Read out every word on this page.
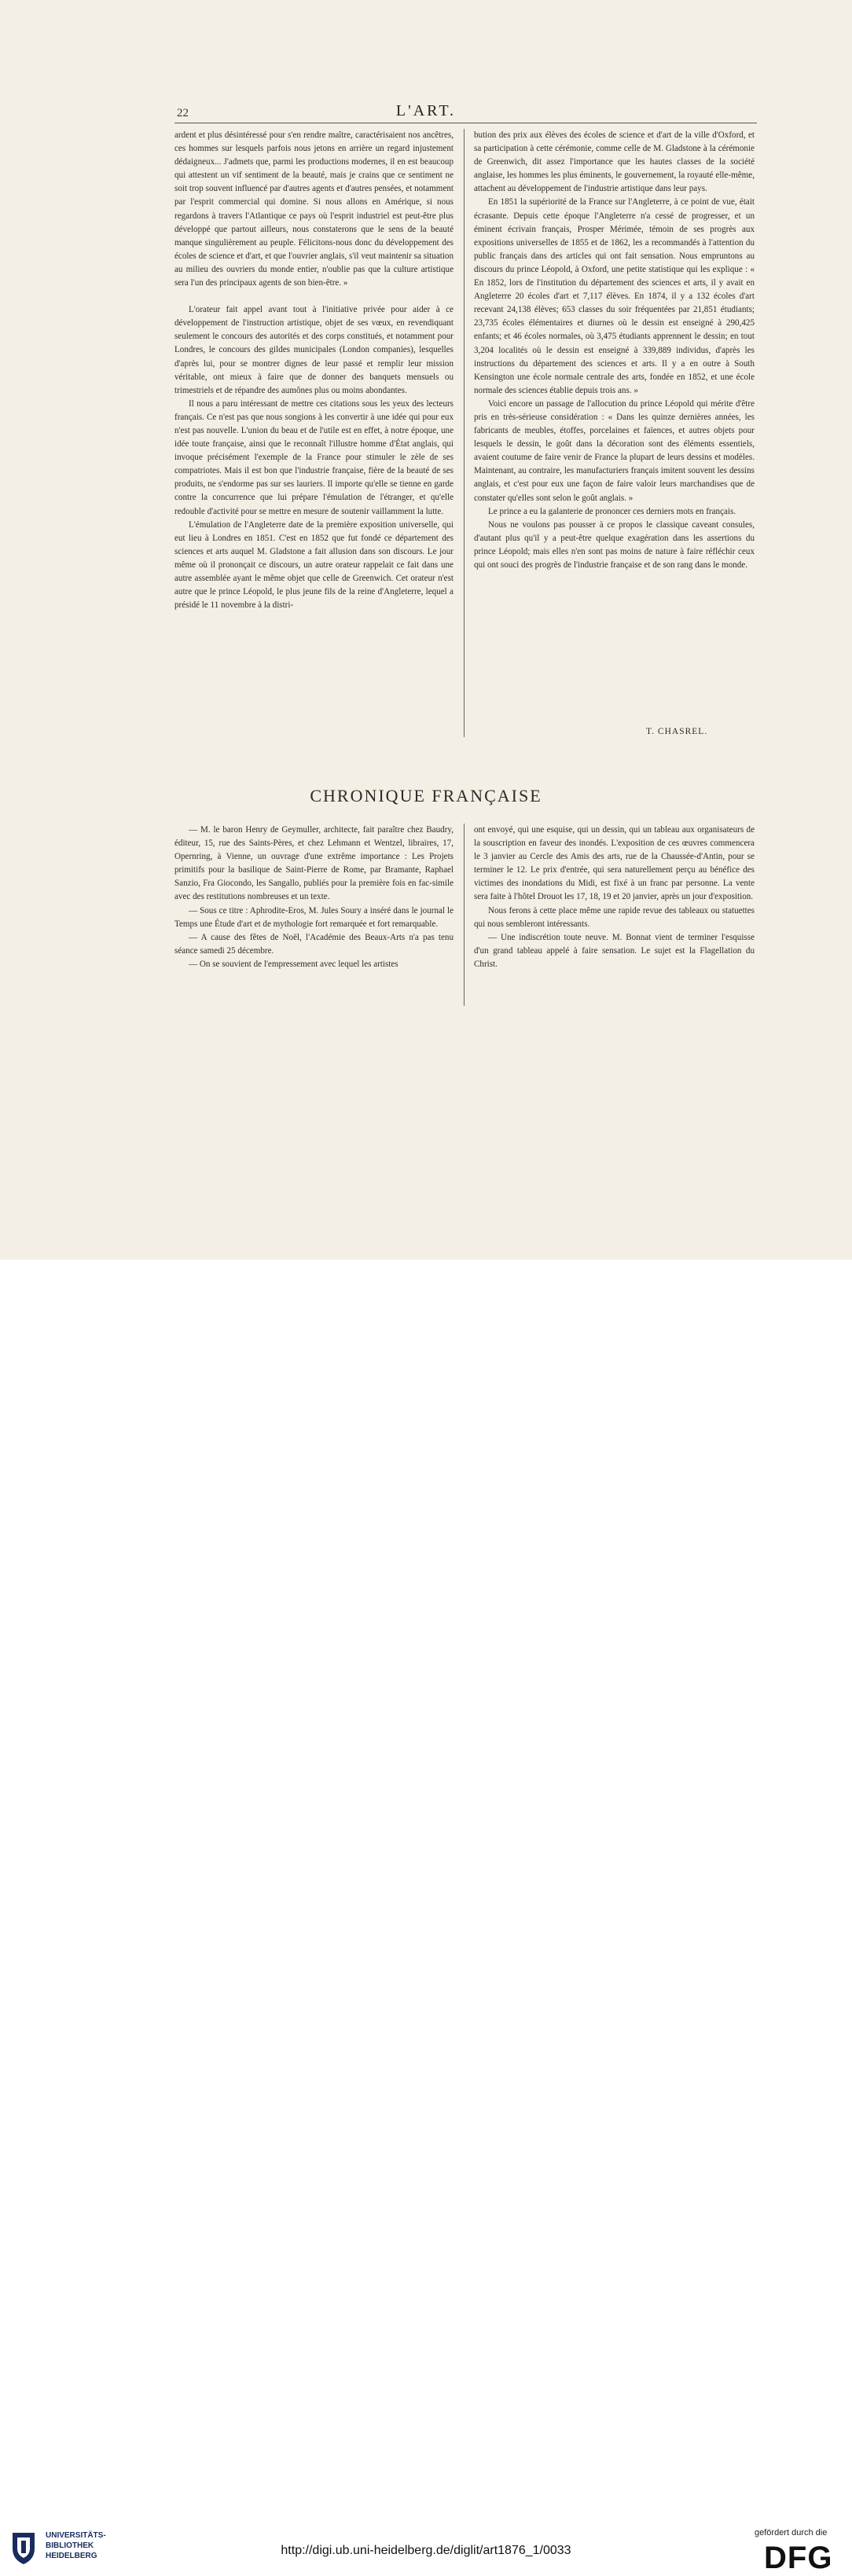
22	L'ART.

ardent et plus désintéressé pour s'en rendre maître, caractérisaient nos ancêtres, ces hommes sur lesquels parfois nous jetons en arrière un regard injustement dédaigneux... J'admets que, parmi les productions modernes, il en est beaucoup qui attestent un vif sentiment de la beauté, mais je crains que ce sentiment ne soit trop souvent influencé par d'autres agents et d'autres pensées, et notamment par l'esprit commercial qui domine. Si nous allons en Amérique, si nous regardons à travers l'Atlantique ce pays où l'esprit industriel est peut-être plus développé que partout ailleurs, nous constaterons que le sens de la beauté manque singulièrement au peuple. Félicitons-nous donc du développement des écoles de science et d'art, et que l'ouvrier anglais, s'il veut maintenir sa situation au milieu des ouvriers du monde entier, n'oublie pas que la culture artistique sera l'un des principaux agents de son bien-être. »

L'orateur fait appel avant tout à l'initiative privée pour aider à ce développement de l'instruction artistique, objet de ses vœux, en revendiquant seulement le concours des autorités et des corps constitués, et notamment pour Londres, le concours des gildes municipales (London companies), lesquelles d'après lui, pour se montrer dignes de leur passé et remplir leur mission véritable, ont mieux à faire que de donner des banquets mensuels ou trimestriels et de répandre des aumônes plus ou moins abondantes.

Il nous a paru intéressant de mettre ces citations sous les yeux des lecteurs français. Ce n'est pas que nous songions à les convertir à une idée qui pour eux n'est pas nouvelle. L'union du beau et de l'utile est en effet, à notre époque, une idée toute française, ainsi que le reconnaît l'illustre homme d'État anglais, qui invoque précisément l'exemple de la France pour stimuler le zèle de ses compatriotes. Mais il est bon que l'industrie française, fière de la beauté de ses produits, ne s'endorme pas sur ses lauriers. Il importe qu'elle se tienne en garde contre la concurrence que lui prépare l'émulation de l'étranger, et qu'elle redouble d'activité pour se mettre en mesure de soutenir vaillamment la lutte.

L'émulation de l'Angleterre date de la première exposition universelle, qui eut lieu à Londres en 1851. C'est en 1852 que fut fondé ce département des sciences et arts auquel M. Gladstone a fait allusion dans son discours. Le jour même où il prononçait ce discours, un autre orateur rappelait ce fait dans une autre assemblée ayant le même objet que celle de Greenwich. Cet orateur n'est autre que le prince Léopold, le plus jeune fils de la reine d'Angleterre, lequel a présidé le 11 novembre à la distri-

bution des prix aux élèves des écoles de science et d'art de la ville d'Oxford, et sa participation à cette cérémonie, comme celle de M. Gladstone à la cérémonie de Greenwich, dit assez l'importance que les hautes classes de la société anglaise, les hommes les plus éminents, le gouvernement, la royauté elle-même, attachent au développement de l'industrie artistique dans leur pays.

En 1851 la supériorité de la France sur l'Angleterre, à ce point de vue, était écrasante. Depuis cette époque l'Angleterre n'a cessé de progresser, et un éminent écrivain français, Prosper Mérimée, témoin de ses progrès aux expositions universelles de 1855 et de 1862, les a recommandés à l'attention du public français dans des articles qui ont fait sensation. Nous empruntons au discours du prince Léopold, à Oxford, une petite statistique qui les explique : « En 1852, lors de l'institution du département des sciences et arts, il y avait en Angleterre 20 écoles d'art et 7,117 élèves. En 1874, il y a 132 écoles d'art recevant 24,138 élèves; 653 classes du soir fréquentées par 21,851 étudiants; 23,735 écoles élémentaires et diurnes où le dessin est enseigné à 290,425 enfants; et 46 écoles normales, où 3,475 étudiants apprennent le dessin; en tout 3,204 localités où le dessin est enseigné à 339,889 individus, d'après les instructions du département des sciences et arts. Il y a en outre à South Kensington une école normale centrale des arts, fondée en 1852, et une école normale des sciences établie depuis trois ans. »

Voici encore un passage de l'allocution du prince Léopold qui mérite d'être pris en très-sérieuse considération : « Dans les quinze dernières années, les fabricants de meubles, étoffes, porcelaines et faïences, et autres objets pour lesquels le dessin, le goût dans la décoration sont des éléments essentiels, avaient coutume de faire venir de France la plupart de leurs dessins et modèles. Maintenant, au contraire, les manufacturiers français imitent souvent les dessins anglais, et c'est pour eux une façon de faire valoir leurs marchandises que de constater qu'elles sont selon le goût anglais. »

Le prince a eu la galanterie de prononcer ces derniers mots en français.

Nous ne voulons pas pousser à ce propos le classique caveant consules, d'autant plus qu'il y a peut-être quelque exagération dans les assertions du prince Léopold; mais elles n'en sont pas moins de nature à faire réfléchir ceux qui ont souci des progrès de l'industrie française et de son rang dans le monde.

T. CHASREL.
CHRONIQUE FRANÇAISE

— M. le baron Henry de Geymuller, architecte, fait paraître chez Baudry, éditeur, 15, rue des Saints-Pères, et chez Lehmann et Wentzel, libraires, 17, Opernring, à Vienne, un ouvrage d'une extrême importance : Les Projets primitifs pour la basilique de Saint-Pierre de Rome, par Bramante, Raphael Sanzio, Fra Giocondo, les Sangallo, publiés pour la première fois en fac-simile avec des restitutions nombreuses et un texte.

— Sous ce titre : Aphrodite-Eros, M. Jules Soury a inséré dans le journal le Temps une Étude d'art et de mythologie fort remarquée et fort remarquable.

— A cause des fêtes de Noël, l'Académie des Beaux-Arts n'a pas tenu séance samedi 25 décembre.

— On se souvient de l'empressement avec lequel les artistes

ont envoyé, qui une esquise, qui un dessin, qui un tableau aux organisateurs de la souscription en faveur des inondés. L'exposition de ces œuvres commencera le 3 janvier au Cercle des Amis des arts, rue de la Chaussée-d'Antin, pour se terminer le 12. Le prix d'entrée, qui sera naturellement perçu au bénéfice des victimes des inondations du Midi, est fixé à un franc par personne. La vente sera faite à l'hôtel Drouot les 17, 18, 19 et 20 janvier, après un jour d'exposition.

Nous ferons à cette place même une rapide revue des tableaux ou statuettes qui nous sembleront intéressants.

— Une indiscrétion toute neuve. M. Bonnat vient de terminer l'esquisse d'un grand tableau appelé à faire sensation. Le sujet est la Flagellation du Christ.

UNIVERSITÄTS-
BIBLIOTHEK
HEIDELBERG	http://digi.ub.uni-heidelberg.de/diglit/art1876_1/0033
gefördert durch die
DFG
